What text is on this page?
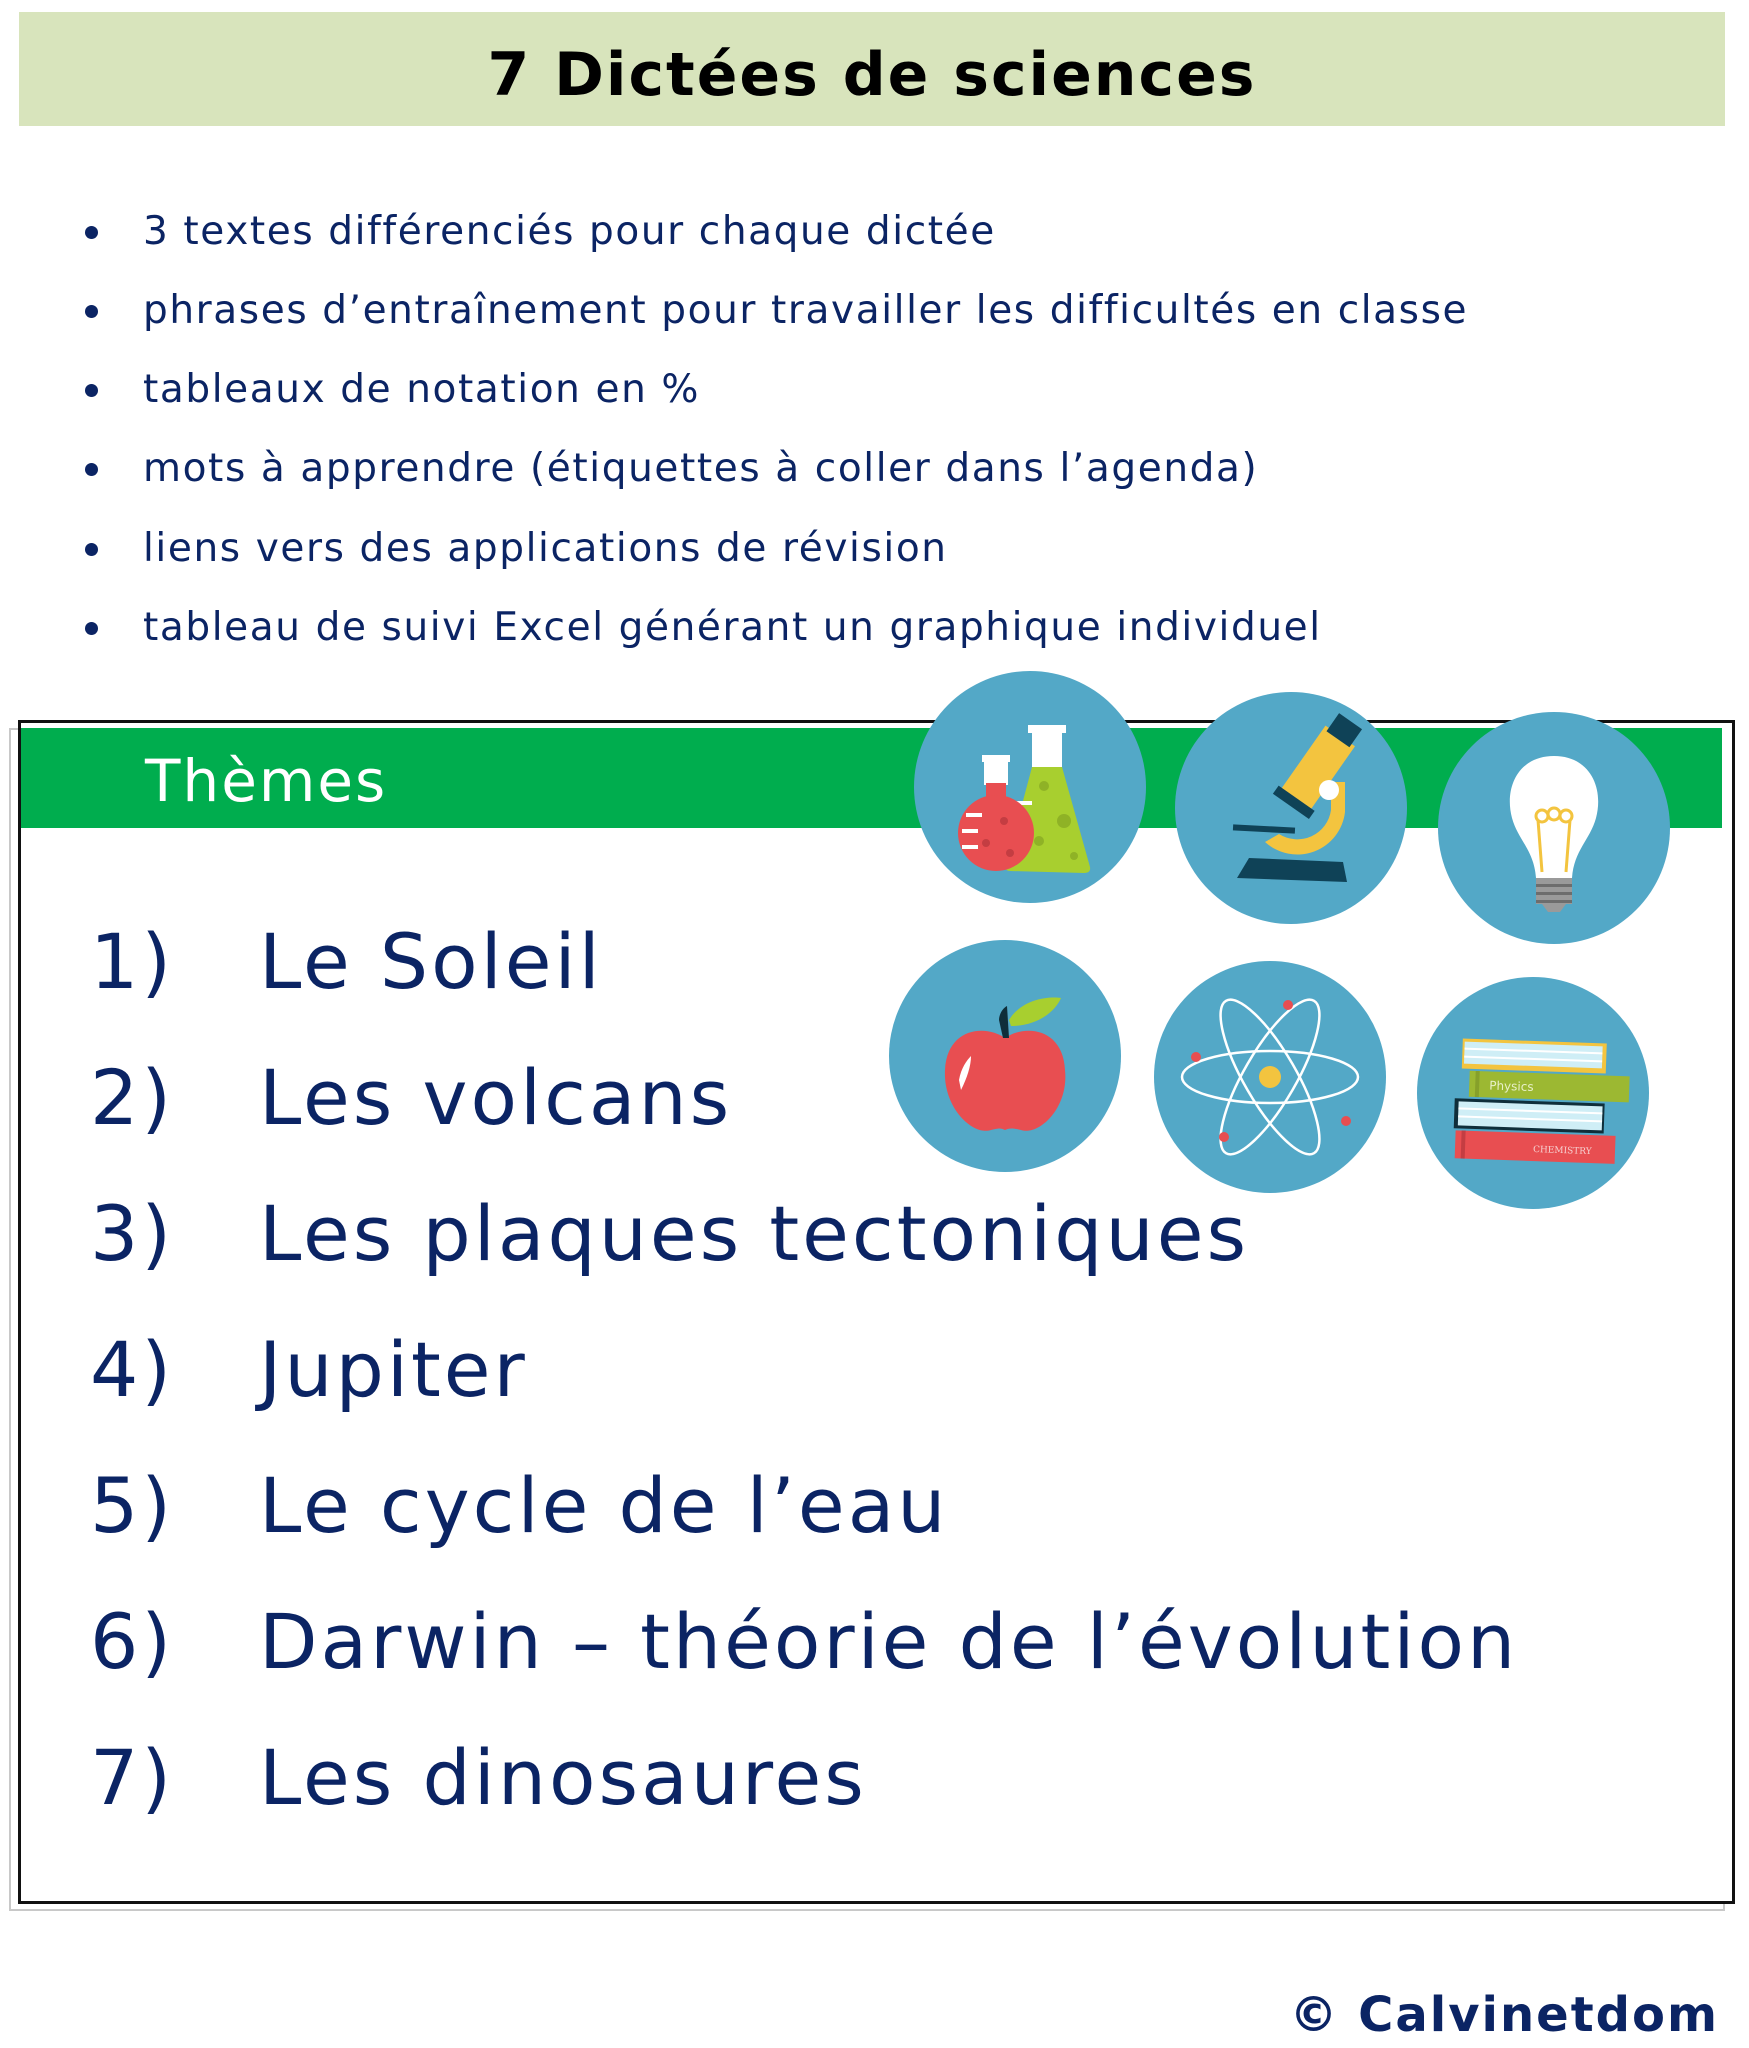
7 Dictées de sciences
3 textes différenciés pour chaque dictée
phrases d’entraînement pour travailler les difficultés en classe
tableaux de notation en %
mots à apprendre (étiquettes à coller dans l’agenda)
liens vers des applications de révision
tableau de suivi Excel générant un graphique individuel
Thèmes
1) Le Soleil
2) Les volcans
3) Les plaques tectoniques
4) Jupiter
5) Le cycle de l’eau
6) Darwin – théorie de l’évolution
7) Les dinosaures
Physics
CHEMISTRY
© Calvinetdom
